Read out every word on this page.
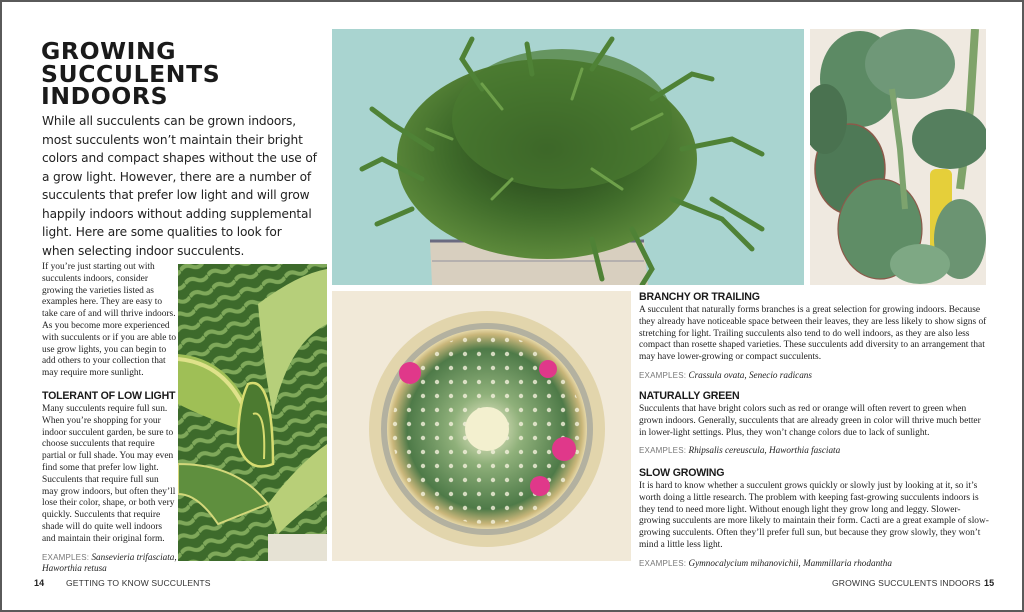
GROWING
SUCCULENTS
INDOORS
While all succulents can be grown indoors, most succulents won’t maintain their bright colors and compact shapes without the use of a grow light. However, there are a number of succulents that prefer low light and will grow happily indoors without adding supplemental light. Here are some qualities to look for when selecting indoor succulents.
If you’re just starting out with succulents indoors, consider growing the varieties listed as examples here. They are easy to take care of and will thrive indoors. As you become more experienced with succulents or if you are able to use grow lights, you can begin to add others to your collection that may require more sunlight.
TOLERANT OF LOW LIGHT

Many succulents require full sun. When you’re shopping for your indoor succulent garden, be sure to choose succulents that require partial or full shade. You may even find some that prefer low light. Succulents that require full sun may grow indoors, but often they’ll lose their color, shape, or both very quickly. Succulents that require shade will do quite well indoors and maintain their original form.

EXAMPLES: Sansevieria trifasciata, Haworthia retusa
BRANCHY OR TRAILING

A succulent that naturally forms branches is a great selection for growing indoors. Because they already have noticeable space between their leaves, they are less likely to show signs of stretching for light. Trailing succulents also tend to do well indoors, as they are also less compact than rosette shaped varieties. These succulents add diversity to an arrangement that may have lower-growing or compact succulents.

EXAMPLES: Crassula ovata, Senecio radicans
NATURALLY GREEN

Succulents that have bright colors such as red or orange will often revert to green when grown indoors. Generally, succulents that are already green in color will thrive much better in lower-light settings. Plus, they won’t change colors due to lack of sunlight.

EXAMPLES: Rhipsalis cereuscula, Haworthia fasciata
SLOW GROWING

It is hard to know whether a succulent grows quickly or slowly just by looking at it, so it’s worth doing a little research. The problem with keeping fast-growing succulents indoors is they tend to need more light. Without enough light they grow long and leggy. Slower-growing succulents are more likely to maintain their form. Cacti are a great example of slow-growing succulents. Often they’ll prefer full sun, but because they grow slowly, they won’t mind a little less light.

EXAMPLES: Gymnocalycium mihanovichii, Mammillaria rhodantha
14	GETTING TO KNOW SUCCULENTS	GROWING SUCCULENTS INDOORS 15
